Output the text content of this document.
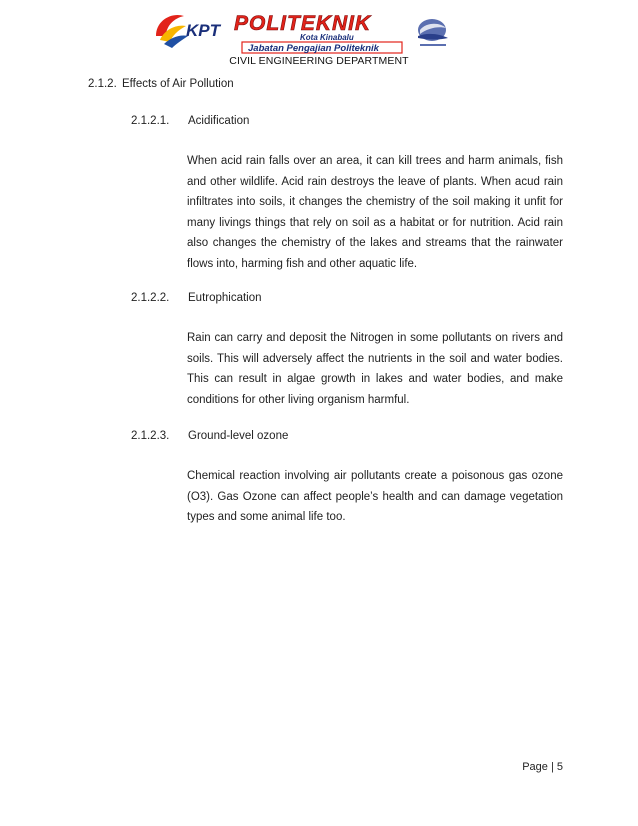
KPT POLITEKNIK
Kota Kinabalu
Jabatan Pengajian Politeknik
CIVIL ENGINEERING DEPARTMENT
2.1.2. Effects of Air Pollution
2.1.2.1. Acidification

When acid rain falls over an area, it can kill trees and harm animals, fish and other wildlife. Acid rain destroys the leave of plants. When acud rain infiltrates into soils, it changes the chemistry of the soil making it unfit for many livings things that rely on soil as a habitat or for nutrition. Acid rain also changes the chemistry of the lakes and streams that the rainwater flows into, harming fish and other aquatic life.

2.1.2.2. Eutrophication

Rain can carry and deposit the Nitrogen in some pollutants on rivers and soils. This will adversely affect the nutrients in the soil and water bodies. This can result in algae growth in lakes and water bodies, and make conditions for other living organism harmful.

2.1.2.3. Ground-level ozone

Chemical reaction involving air pollutants create a poisonous gas ozone (O3). Gas Ozone can affect people’s health and can damage vegetation types and some animal life too.

Page | 5
